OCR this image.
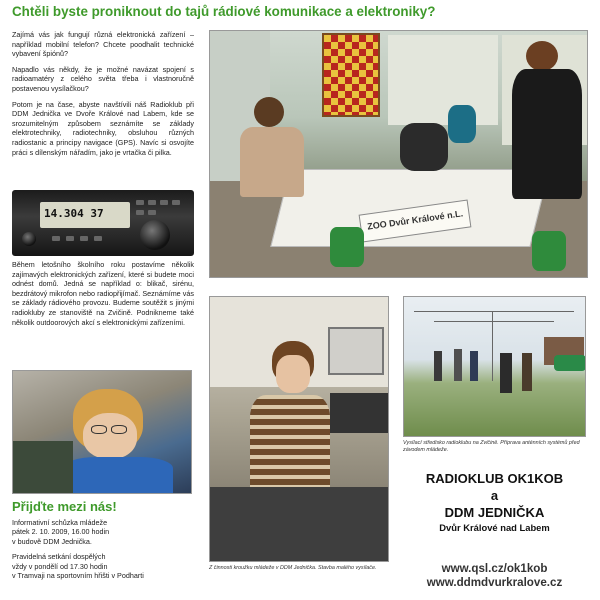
Chtěli byste proniknout do tajů rádiové komunikace a elektroniky?

Zajímá vás jak fungují různá elektronická zařízení – například mobilní telefon? Chcete poodhalit technické vybavení špiónů?

Napadlo vás někdy, že je možné navázat spojení s radioamatéry z celého světa třeba i vlastnoručně postavenou vysílačkou?

Potom je na čase, abyste navštívili náš Radioklub při DDM Jednička ve Dvoře Králové nad Labem, kde se srozumitelným způsobem seznámíte se základy elektrotechniky, radiotechniky, obsluhou různých radiostanic a principy navigace (GPS). Navíc si osvojíte práci s dílenským nářadím, jako je vrtačka či pilka.

14.304 37
Během letošního školního roku postavíme několik zajímavých elektronických zařízení, které si budete moci odnést domů. Jedná se například o: blikač, sirénu, bezdrátový mikrofon nebo radiopřijímač. Seznámíme vás se základy rádiového provozu. Budeme soutěžit s jinými radiokluby ze stanoviště na Zvičině. Podnikneme také několik outdoorových akcí s elektronickými zařízeními.
ZOO Dvůr Králové n.L.
Vysílací středisko radioklubu na Zvičině. Příprava anténních systémů před závodem mládeže.
Z činnosti kroužku mládeže v DDM Jednička. Stavba malého vysílače.
Přijďte mezi nás!

Informativní schůzka mládeže
pátek 2. 10. 2009, 16.00 hodin
v budově DDM Jednička.

Pravidelná setkání dospělých
vždy v pondělí od 17.30 hodin
v Tramvaji na sportovním hřišti v Podharti

RADIOKLUB OK1KOB
a
DDM JEDNIČKA
Dvůr Králové nad Labem
www.qsl.cz/ok1kob
www.ddmdvurkralove.cz
